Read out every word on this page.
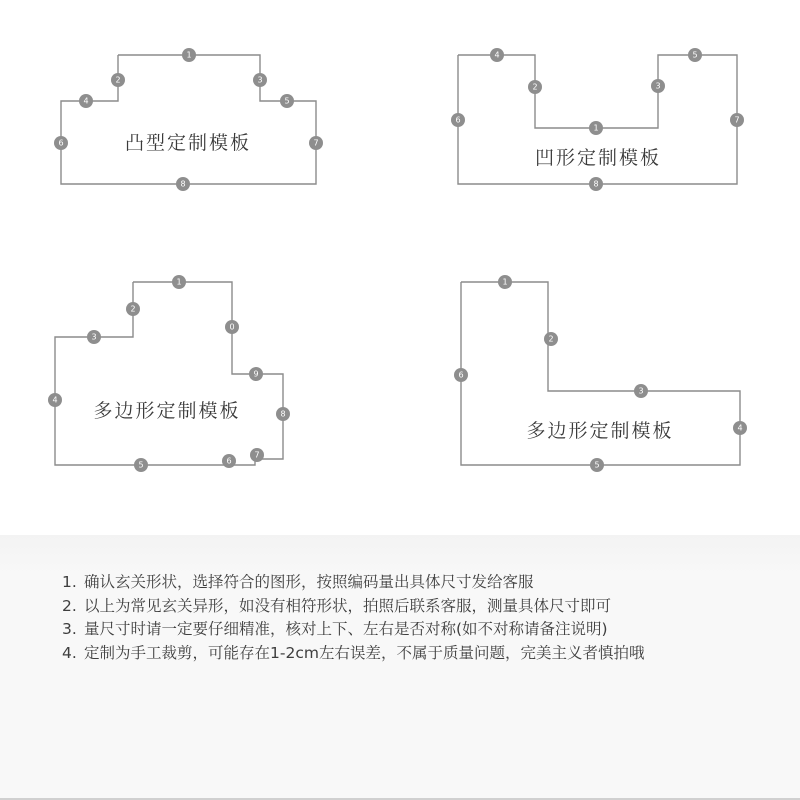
1
2	3
4	5
6	7
8
凸型定制模板
4
2
1
3
5
6	7
8
凹形定制模板
1
2
3
0
9
4
8
7
6
5
多边形定制模板
1
2
6
3
4
5
多边形定制模板
1. 确认玄关形状，选择符合的图形，按照编码量出具体尺寸发给客服
2. 以上为常见玄关异形，如没有相符形状，拍照后联系客服，测量具体尺寸即可
3. 量尺寸时请一定要仔细精准，核对上下、左右是否对称(如不对称请备注说明)
4. 定制为手工裁剪，可能存在1-2cm左右误差，不属于质量问题，完美主义者慎拍哦
